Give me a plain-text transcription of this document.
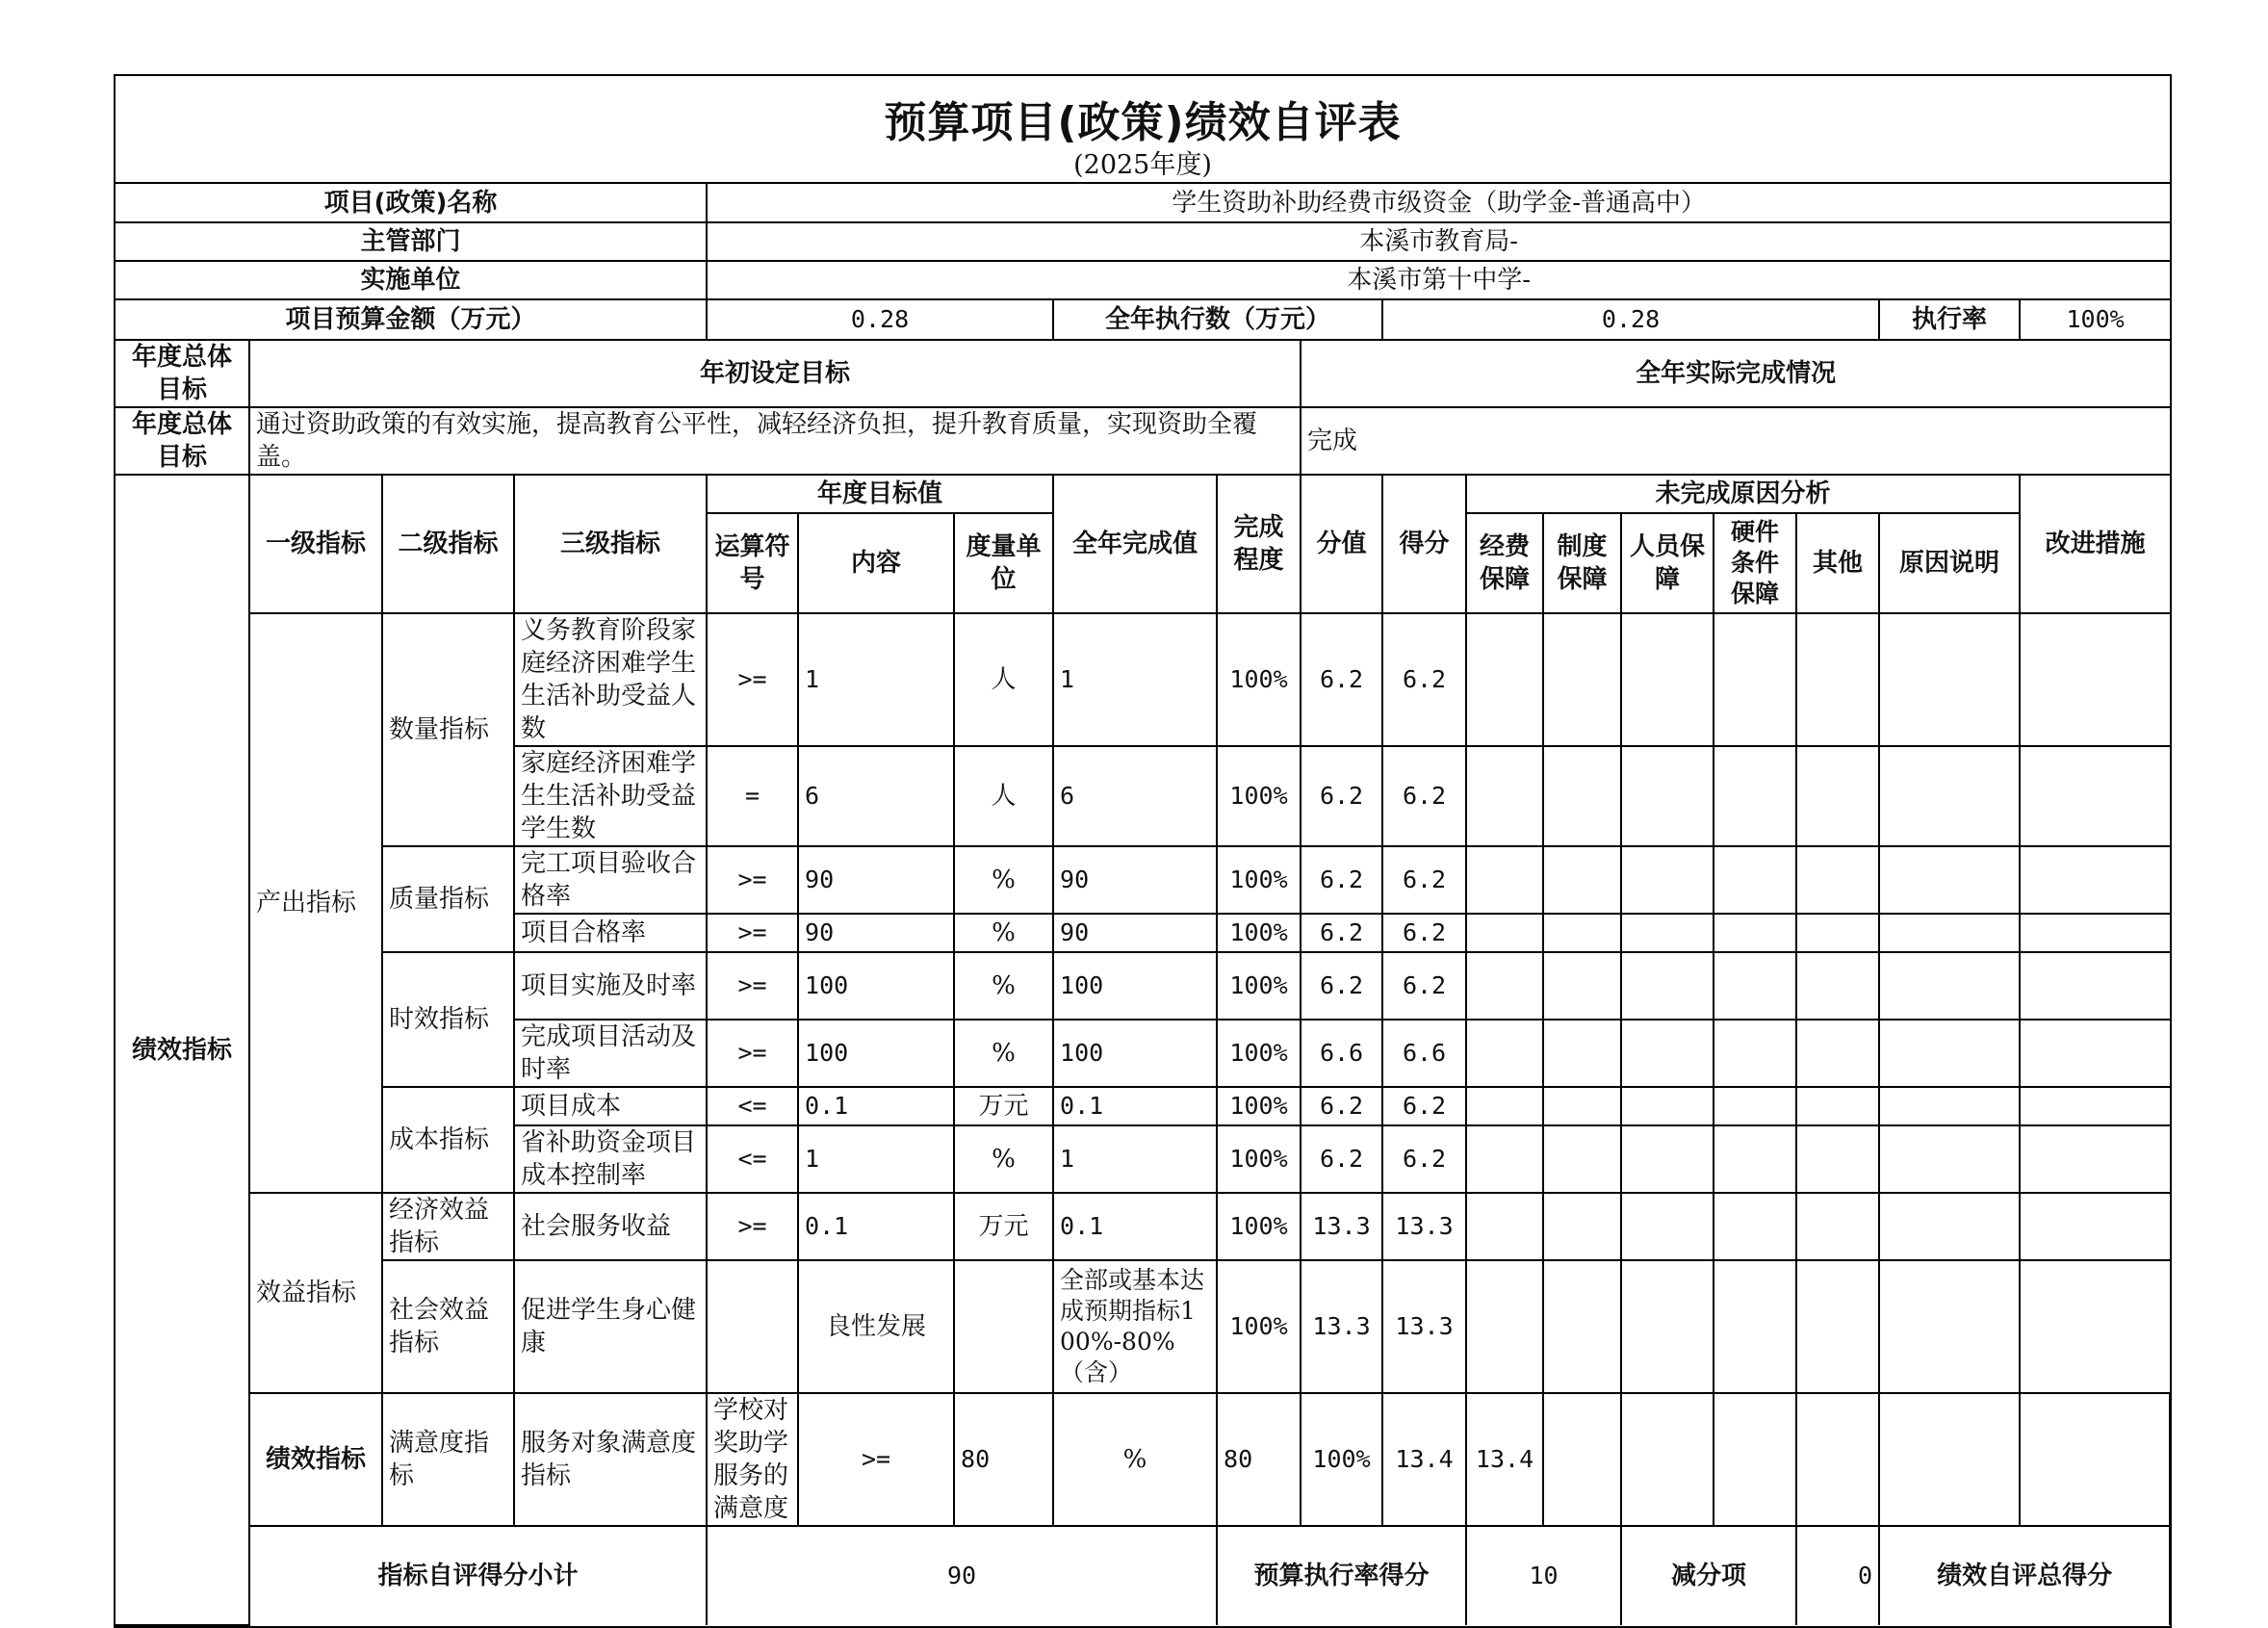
预算项目(政策)绩效自评表
(2025年度)
项目(政策)名称				学生资助补助经费市级资金（助学金-普通高中）														
主管部门				本溪市教育局-														
实施单位				本溪市第十中学-														
项目预算金额（万元）				0.28			全年执行数（万元）			0.28						执行率	100%	
年度总体目标	年初设定目标								全年实际完成情况									
年度总体目标	通过资助政策的有效实施，提高教育公平性，减轻经济负担，提升教育质量，实现资助全覆盖。								完成									
绩效指标	一级指标	二级指标	三级指标	年度目标值			全年完成值	完成程度	分值	得分	未完成原因分析						改进措施	
				运算符号	内容	度量单位					经费保障	制度保障	人员保障	硬件条件保障	其他	原因说明		
	产出指标	数量指标	义务教育阶段家庭经济困难学生生活补助受益人数	>=	1	人	1	100%	6.2	6.2								
			家庭经济困难学生生活补助受益学生数	=	6	人	6	100%	6.2	6.2								
		质量指标	完工项目验收合格率	>=	90	%	90	100%	6.2	6.2								
			项目合格率	>=	90	%	90	100%	6.2	6.2								
		时效指标	项目实施及时率	>=	100	%	100	100%	6.2	6.2								
			完成项目活动及时率	>=	100	%	100	100%	6.6	6.6								
		成本指标	项目成本	<=	0.1	万元	0.1	100%	6.2	6.2								
			省补助资金项目成本控制率	<=	1	%	1	100%	6.2	6.2								
	效益指标	经济效益指标	社会服务收益	>=	0.1	万元	0.1	100%	13.3	13.3								
		社会效益指标	促进学生身心健康		良性发展		全部或基本达成预期指标100%-80%（含）	100%	13.3	13.3								
	绩效指标	满意度指标	服务对象满意度指标	学校对奖助学服务的满意度	>=	80	%	80	100%	13.4	13.4							
	指标自评得分小计			90				预算执行率得分			10		减分项		0	绩效自评总得分	
